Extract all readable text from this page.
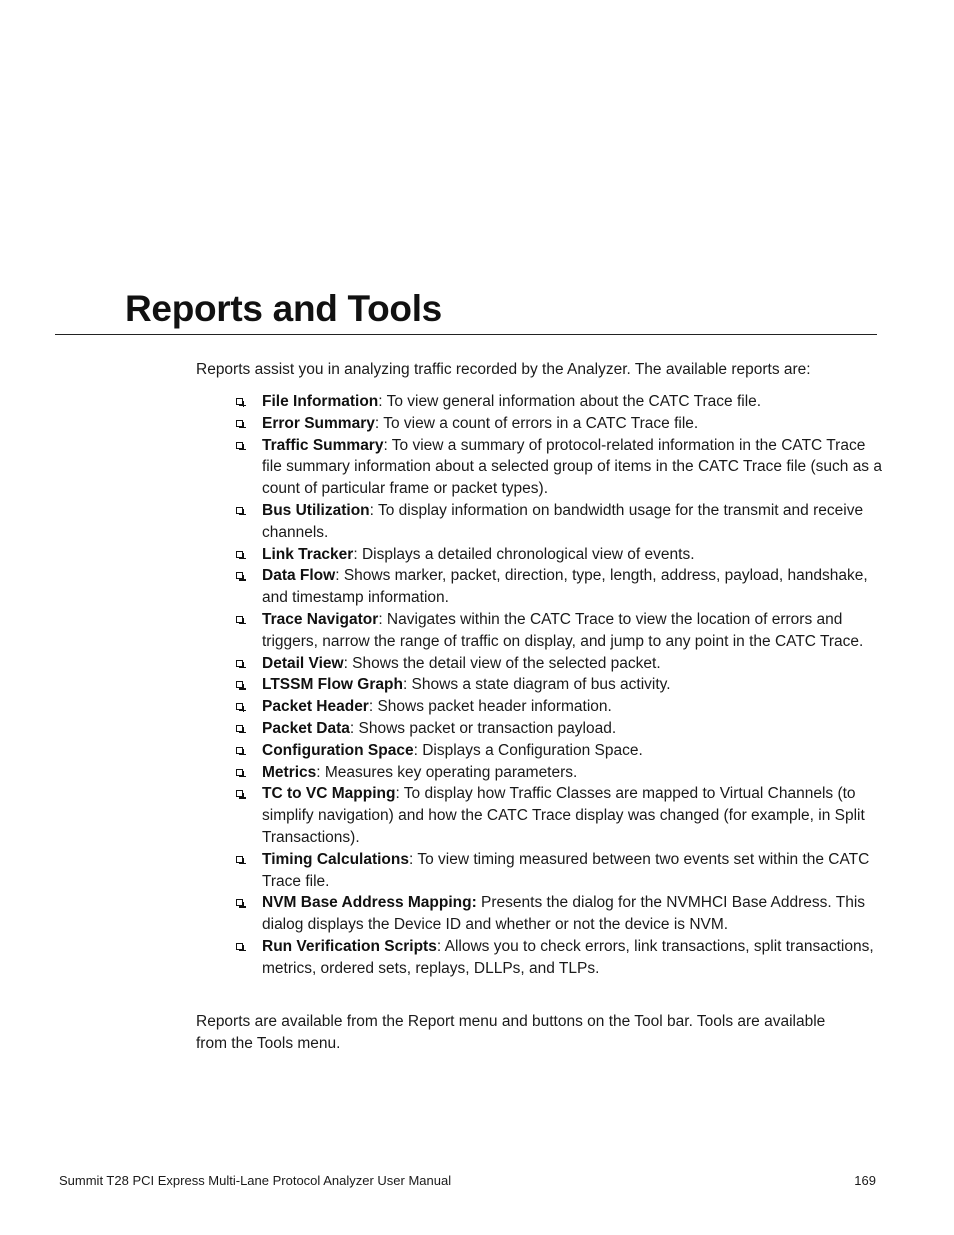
Reports and Tools

Reports assist you in analyzing traffic recorded by the Analyzer. The available reports are:

File Information: To view general information about the CATC Trace file.
Error Summary: To view a count of errors in a CATC Trace file.
Traffic Summary: To view a summary of protocol-related information in the CATC Trace file summary information about a selected group of items in the CATC Trace file (such as a count of particular frame or packet types).
Bus Utilization: To display information on bandwidth usage for the transmit and receive channels.
Link Tracker: Displays a detailed chronological view of events.
Data Flow: Shows marker, packet, direction, type, length, address, payload, handshake, and timestamp information.
Trace Navigator: Navigates within the CATC Trace to view the location of errors and triggers, narrow the range of traffic on display, and jump to any point in the CATC Trace.
Detail View: Shows the detail view of the selected packet.
LTSSM Flow Graph: Shows a state diagram of bus activity.
Packet Header: Shows packet header information.
Packet Data: Shows packet or transaction payload.
Configuration Space: Displays a Configuration Space.
Metrics: Measures key operating parameters.
TC to VC Mapping: To display how Traffic Classes are mapped to Virtual Channels (to simplify navigation) and how the CATC Trace display was changed (for example, in Split Transactions).
Timing Calculations: To view timing measured between two events set within the CATC Trace file.
NVM Base Address Mapping: Presents the dialog for the NVMHCI Base Address. This dialog displays the Device ID and whether or not the device is NVM.
Run Verification Scripts: Allows you to check errors, link transactions, split transactions, metrics, ordered sets, replays, DLLPs, and TLPs.

Reports are available from the Report menu and buttons on the Tool bar. Tools are available from the Tools menu.

Summit T28 PCI Express Multi-Lane Protocol Analyzer User Manual	169
